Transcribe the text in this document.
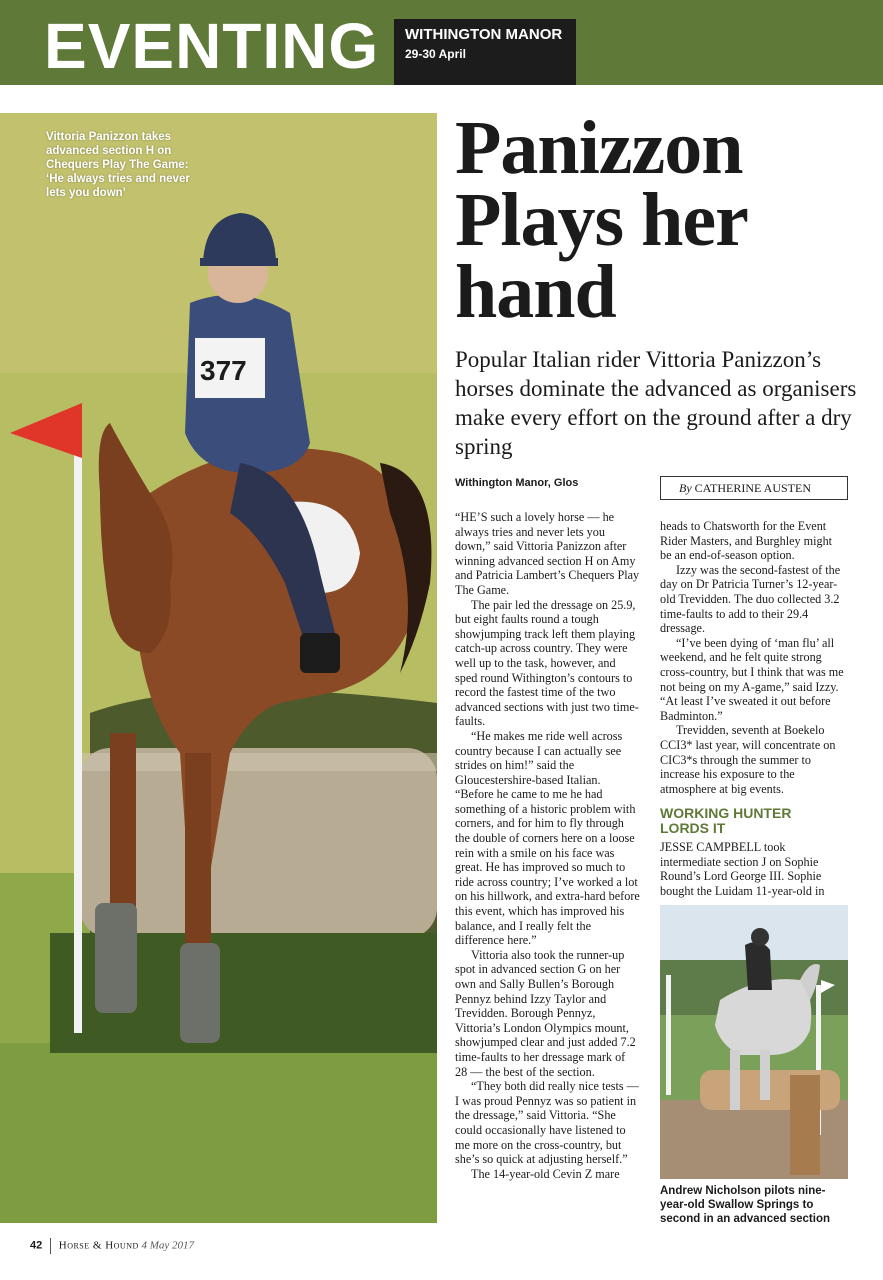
EVENTING WITHINGTON MANOR
29-30 April
377
Vittoria Panizzon takes advanced section H on Chequers Play The Game: ‘He always tries and never lets you down’
Panizzon
Plays her
hand

Popular Italian rider Vittoria Panizzon’s horses dominate the advanced as organisers make every effort on the ground after a dry spring

Withington Manor, Glos	By CATHERINE AUSTEN

“HE’S such a lovely horse — he always tries and never lets you down,” said Vittoria Panizzon after winning advanced section H on Amy and Patricia Lambert’s Chequers Play The Game.

The pair led the dressage on 25.9, but eight faults round a tough showjumping track left them playing catch-up across country. They were well up to the task, however, and sped round Withington’s contours to record the fastest time of the two advanced sections with just two time-faults.

“He makes me ride well across country because I can actually see strides on him!” said the Gloucestershire-based Italian. “Before he came to me he had something of a historic problem with corners, and for him to fly through the double of corners here on a loose rein with a smile on his face was great. He has improved so much to ride across country; I’ve worked a lot on his hillwork, and extra-hard before this event, which has improved his balance, and I really felt the difference here.”

Vittoria also took the runner-up spot in advanced section G on her own and Sally Bullen’s Borough Pennyz behind Izzy Taylor and Trevidden. Borough Pennyz, Vittoria’s London Olympics mount, showjumped clear and just added 7.2 time-faults to her dressage mark of 28 — the best of the section.

“They both did really nice tests — I was proud Pennyz was so patient in the dressage,” said Vittoria. “She could occasionally have listened to me more on the cross-country, but she’s so quick at adjusting herself.”

The 14-year-old Cevin Z mare

heads to Chatsworth for the Event Rider Masters, and Burghley might be an end-of-season option.

Izzy was the second-fastest of the day on Dr Patricia Turner’s 12-year-old Trevidden. The duo collected 3.2 time-faults to add to their 29.4 dressage.

“I’ve been dying of ‘man flu’ all weekend, and he felt quite strong cross-country, but I think that was me not being on my A-game,” said Izzy. “At least I’ve sweated it out before Badminton.”

Trevidden, seventh at Boekelo CCI3* last year, will concentrate on CIC3*s through the summer to increase his exposure to the atmosphere at big events.

WORKING HUNTER
LORDS IT

JESSE CAMPBELL took intermediate section J on Sophie Round’s Lord George III. Sophie bought the Luidam 11-year-old in

Andrew Nicholson pilots nine-year-old Swallow Springs to second in an advanced section

42 Horse & Hound 4 May 2017
